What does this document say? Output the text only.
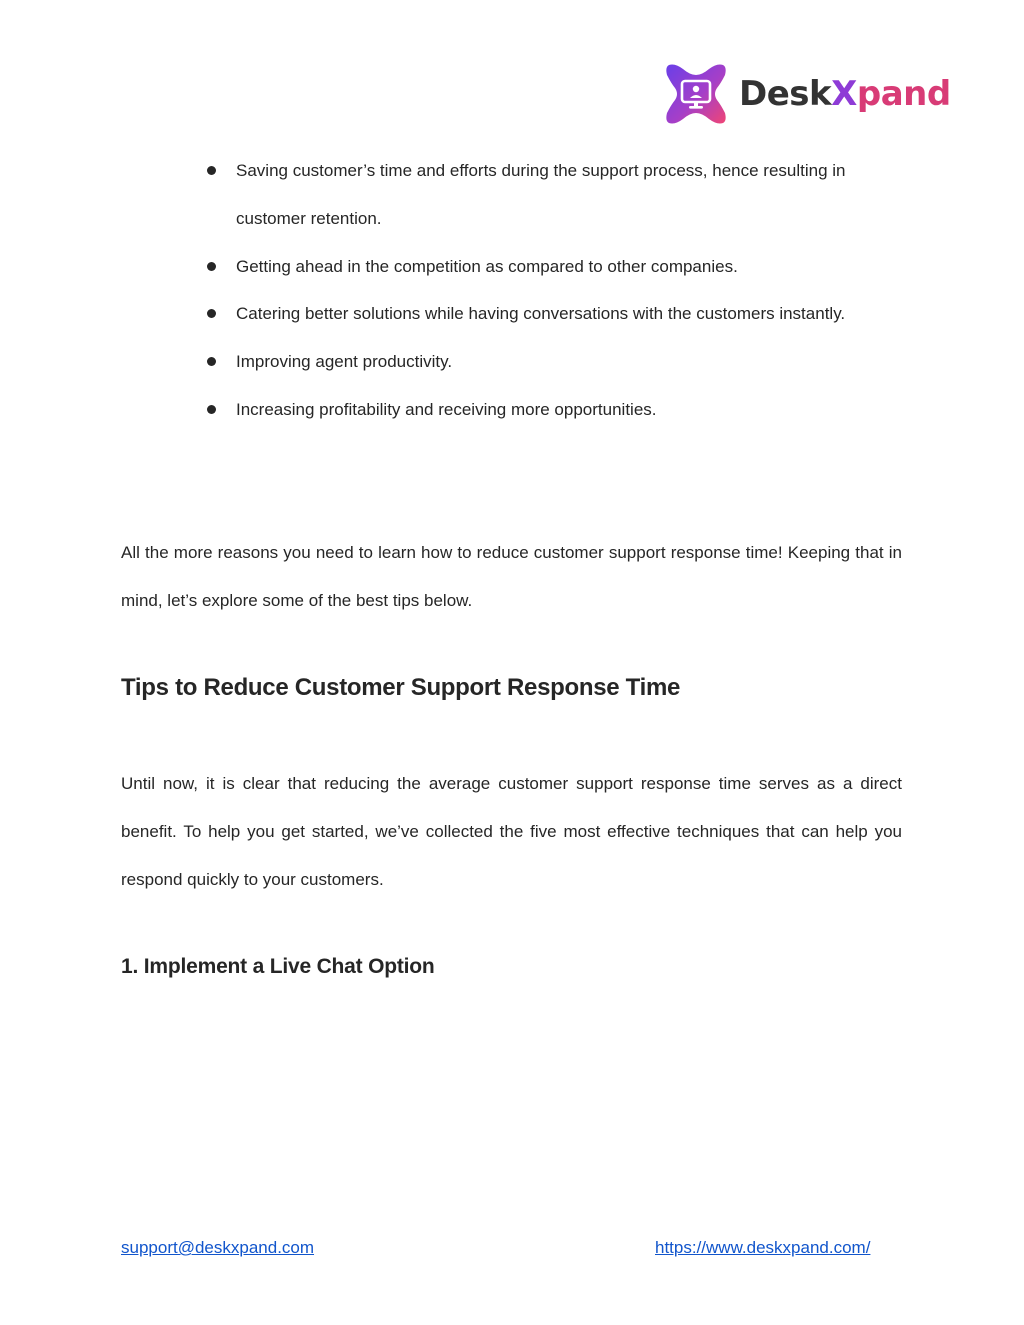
DeskXpand
Saving customer’s time and efforts during the support process, hence resulting in customer retention.
Getting ahead in the competition as compared to other companies.
Catering better solutions while having conversations with the customers instantly.
Improving agent productivity.
Increasing profitability and receiving more opportunities.

All the more reasons you need to learn how to reduce customer support response time! Keeping that in mind, let’s explore some of the best tips below.

Tips to Reduce Customer Support Response Time

Until now, it is clear that reducing the average customer support response time serves as a direct benefit. To help you get started, we’ve collected the five most effective techniques that can help you respond quickly to your customers.

1. Implement a Live Chat Option
support@deskxpand.com	https://www.deskxpand.com/
